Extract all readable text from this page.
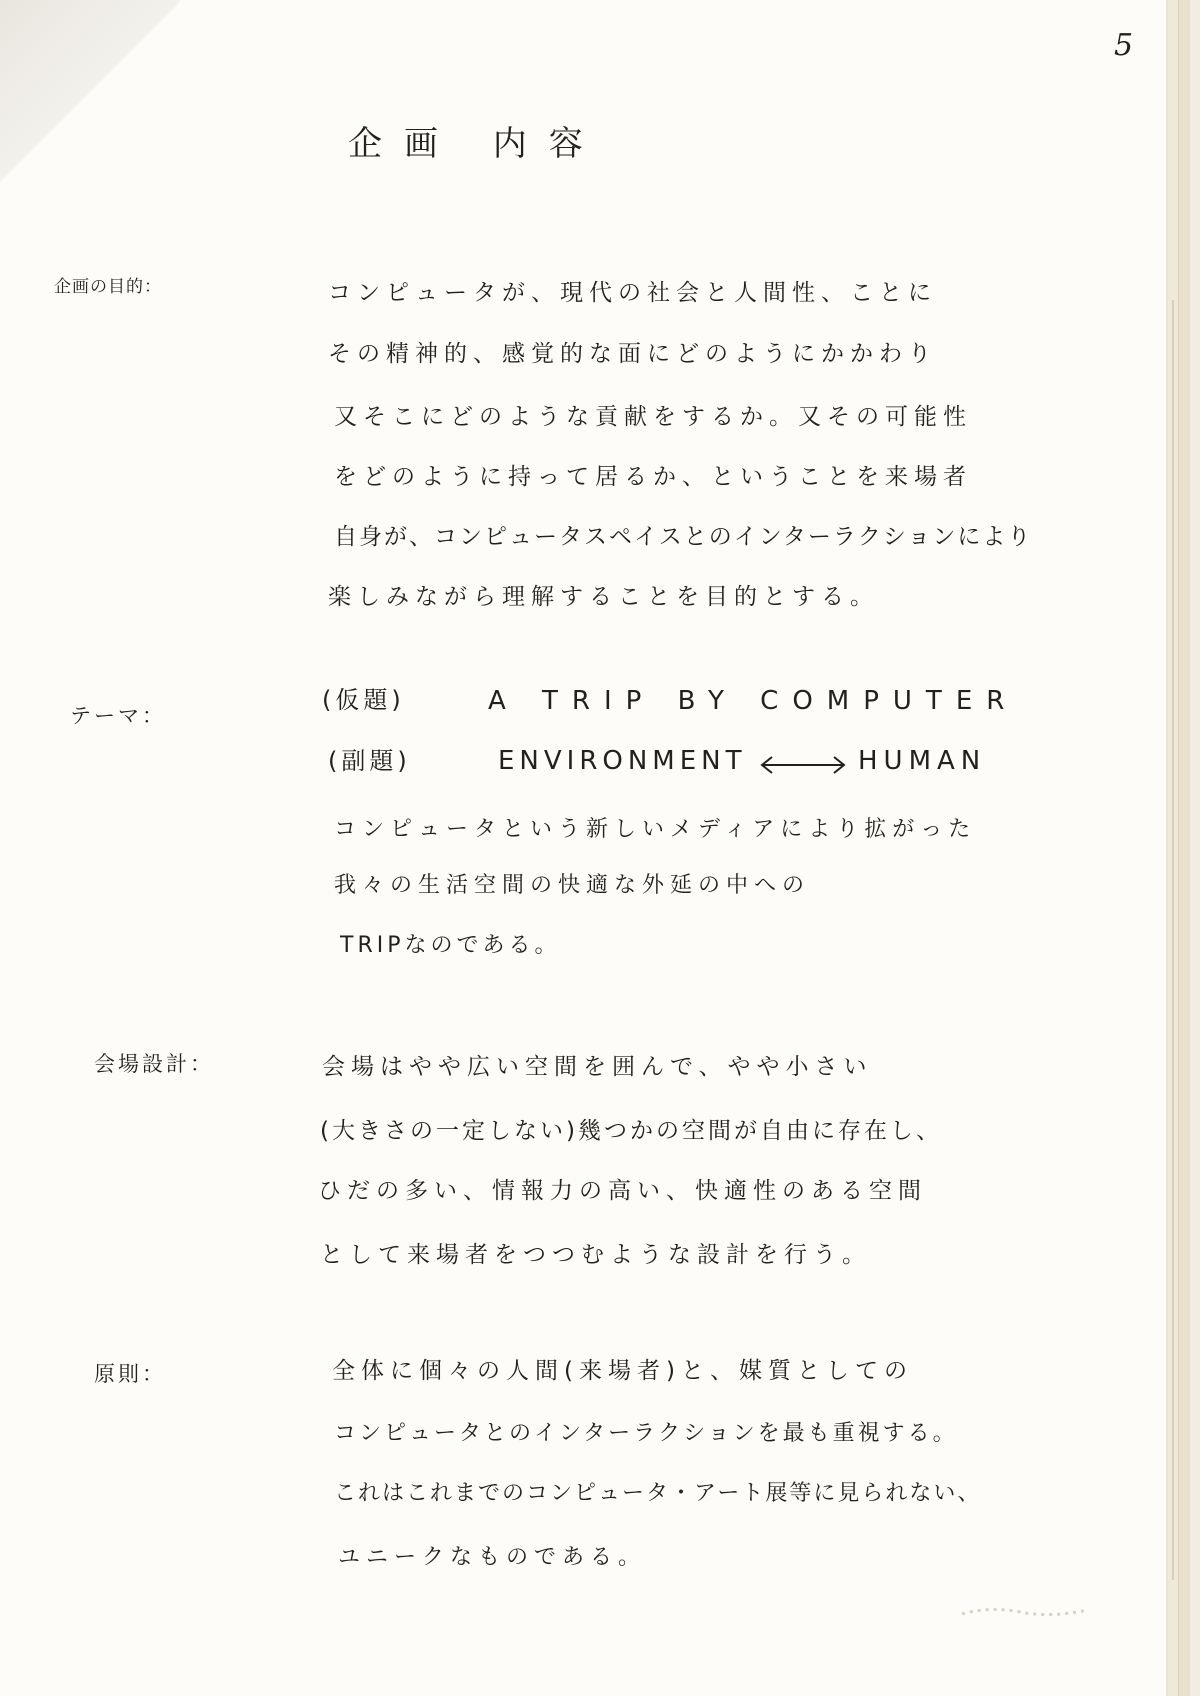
5
企画 内容
企画の目的：	コンピュータが、現代の社会と人間性、ことに
その精神的、感覚的な面にどのようにかかわり
又そこにどのような貢献をするか。又その可能性
をどのように持って居るか、ということを来場者
自身が、コンピュータスペイスとのインターラクションにより
楽しみながら理解することを目的とする。
テーマ：
(仮題)	A TRIP BY COMPUTER
(副題)	ENVIRONMENT	HUMAN
コンピュータという新しいメディアにより拡がった
我々の生活空間の快適な外延の中への
TRIPなのである。
会場設計：	会場はやや広い空間を囲んで、やや小さい
(大きさの一定しない)幾つかの空間が自由に存在し、
ひだの多い、情報力の高い、快適性のある空間
として来場者をつつむような設計を行う。
原則：	全体に個々の人間(来場者)と、媒質としての
コンピュータとのインターラクションを最も重視する。
これはこれまでのコンピュータ・アート展等に見られない、
ユニークなものである。
